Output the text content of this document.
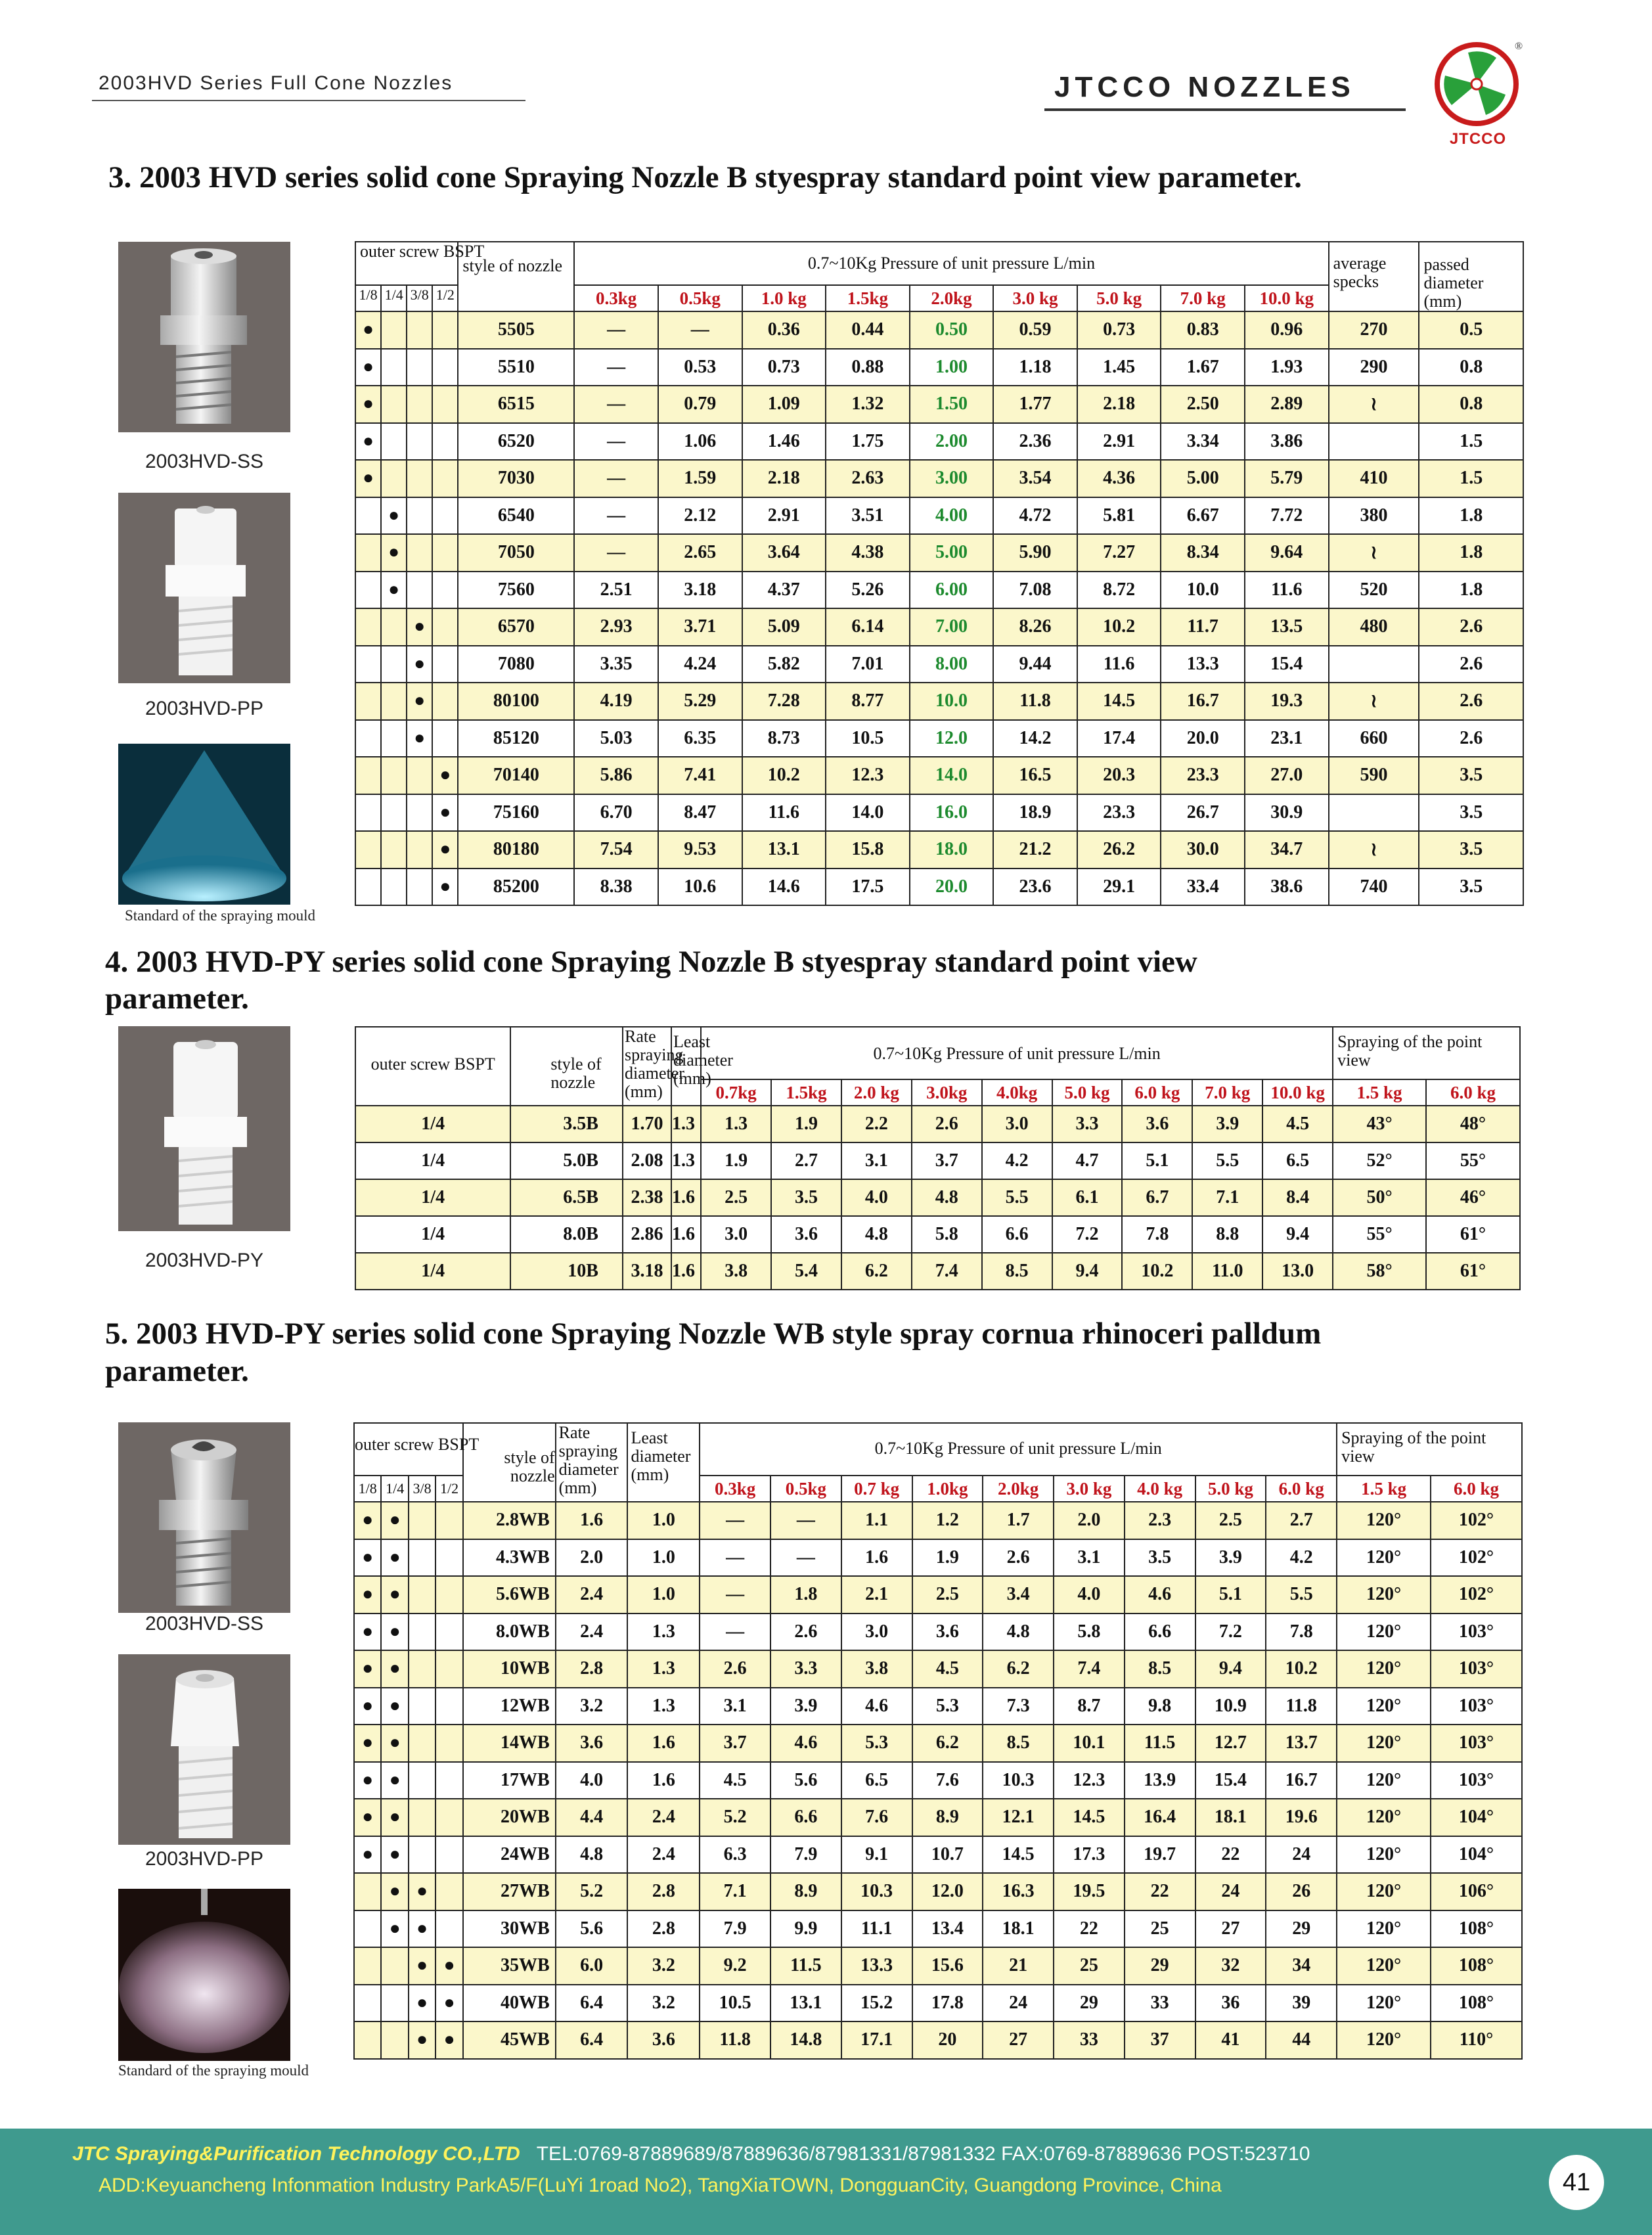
2003HVD Series Full Cone Nozzles	JTCCO NOZZLES
JTCCO
®
3. 2003 HVD series solid cone Spraying Nozzle B styespray standard point view parameter.
2003HVD-SS
2003HVD-PP
Standard of the spraying mould
outer screw BSPT				style of nozzle	0.7~10Kg Pressure of unit pressure L/min									average specks	passed diameter (mm)
1/8	1/4	3/8	1/2		0.3kg	0.5kg	1.0 kg	1.5kg	2.0kg	3.0 kg	5.0 kg	7.0 kg	10.0 kg		
●				5505	—	—	0.36	0.44	0.50	0.59	0.73	0.83	0.96	270	0.5
●				5510	—	0.53	0.73	0.88	1.00	1.18	1.45	1.67	1.93	290	0.8
●				6515	—	0.79	1.09	1.32	1.50	1.77	2.18	2.50	2.89	≀	0.8
●				6520	—	1.06	1.46	1.75	2.00	2.36	2.91	3.34	3.86		1.5
●				7030	—	1.59	2.18	2.63	3.00	3.54	4.36	5.00	5.79	410	1.5
	●			6540	—	2.12	2.91	3.51	4.00	4.72	5.81	6.67	7.72	380	1.8
	●			7050	—	2.65	3.64	4.38	5.00	5.90	7.27	8.34	9.64	≀	1.8
	●			7560	2.51	3.18	4.37	5.26	6.00	7.08	8.72	10.0	11.6	520	1.8
		●		6570	2.93	3.71	5.09	6.14	7.00	8.26	10.2	11.7	13.5	480	2.6
		●		7080	3.35	4.24	5.82	7.01	8.00	9.44	11.6	13.3	15.4		2.6
		●		80100	4.19	5.29	7.28	8.77	10.0	11.8	14.5	16.7	19.3	≀	2.6
		●		85120	5.03	6.35	8.73	10.5	12.0	14.2	17.4	20.0	23.1	660	2.6
			●	70140	5.86	7.41	10.2	12.3	14.0	16.5	20.3	23.3	27.0	590	3.5
			●	75160	6.70	8.47	11.6	14.0	16.0	18.9	23.3	26.7	30.9		3.5
			●	80180	7.54	9.53	13.1	15.8	18.0	21.2	26.2	30.0	34.7	≀	3.5
			●	85200	8.38	10.6	14.6	17.5	20.0	23.6	29.1	33.4	38.6	740	3.5
4. 2003 HVD-PY series solid cone Spraying Nozzle B styespray standard point view
parameter.
2003HVD-PY
outer screw BSPT	style of nozzle	Rate spraying diameter (mm)	Least diameter (mm)	0.7~10Kg Pressure of unit pressure L/min									Spraying of the point view	
				0.7kg	1.5kg	2.0 kg	3.0kg	4.0kg	5.0 kg	6.0 kg	7.0 kg	10.0 kg	1.5 kg	6.0 kg
1/4	3.5B	1.70	1.3	1.3	1.9	2.2	2.6	3.0	3.3	3.6	3.9	4.5	43°	48°
1/4	5.0B	2.08	1.3	1.9	2.7	3.1	3.7	4.2	4.7	5.1	5.5	6.5	52°	55°
1/4	6.5B	2.38	1.6	2.5	3.5	4.0	4.8	5.5	6.1	6.7	7.1	8.4	50°	46°
1/4	8.0B	2.86	1.6	3.0	3.6	4.8	5.8	6.6	7.2	7.8	8.8	9.4	55°	61°
1/4	10B	3.18	1.6	3.8	5.4	6.2	7.4	8.5	9.4	10.2	11.0	13.0	58°	61°
5. 2003 HVD-PY series solid cone Spraying Nozzle WB style spray cornua rhinoceri palldum
parameter.
2003HVD-SS
2003HVD-PP
Standard of the spraying mould
outer screw BSPT				style of nozzle	Rate spraying diameter (mm)	Least diameter (mm)	0.7~10Kg Pressure of unit pressure L/min									Spraying of the point view	
1/8	1/4	3/8	1/2				0.3kg	0.5kg	0.7 kg	1.0kg	2.0kg	3.0 kg	4.0 kg	5.0 kg	6.0 kg	1.5 kg	6.0 kg
●	●			2.8WB	1.6	1.0	—	—	1.1	1.2	1.7	2.0	2.3	2.5	2.7	120°	102°
●	●			4.3WB	2.0	1.0	—	—	1.6	1.9	2.6	3.1	3.5	3.9	4.2	120°	102°
●	●			5.6WB	2.4	1.0	—	1.8	2.1	2.5	3.4	4.0	4.6	5.1	5.5	120°	102°
●	●			8.0WB	2.4	1.3	—	2.6	3.0	3.6	4.8	5.8	6.6	7.2	7.8	120°	103°
●	●			10WB	2.8	1.3	2.6	3.3	3.8	4.5	6.2	7.4	8.5	9.4	10.2	120°	103°
●	●			12WB	3.2	1.3	3.1	3.9	4.6	5.3	7.3	8.7	9.8	10.9	11.8	120°	103°
●	●			14WB	3.6	1.6	3.7	4.6	5.3	6.2	8.5	10.1	11.5	12.7	13.7	120°	103°
●	●			17WB	4.0	1.6	4.5	5.6	6.5	7.6	10.3	12.3	13.9	15.4	16.7	120°	103°
●	●			20WB	4.4	2.4	5.2	6.6	7.6	8.9	12.1	14.5	16.4	18.1	19.6	120°	104°
●	●			24WB	4.8	2.4	6.3	7.9	9.1	10.7	14.5	17.3	19.7	22	24	120°	104°
	●	●		27WB	5.2	2.8	7.1	8.9	10.3	12.0	16.3	19.5	22	24	26	120°	106°
	●	●		30WB	5.6	2.8	7.9	9.9	11.1	13.4	18.1	22	25	27	29	120°	108°
		●	●	35WB	6.0	3.2	9.2	11.5	13.3	15.6	21	25	29	32	34	120°	108°
		●	●	40WB	6.4	3.2	10.5	13.1	15.2	17.8	24	29	33	36	39	120°	108°
		●	●	45WB	6.4	3.6	11.8	14.8	17.1	20	27	33	37	41	44	120°	110°
JTC Spraying&Purification Technology CO.,LTD TEL:0769-87889689/87889636/87981331/87981332 FAX:0769-87889636 POST:523710
ADD:Keyuancheng Infonmation Industry ParkA5/F(LuYi 1road No2), TangXiaTOWN, DongguanCity, Guangdong Province, China	41
